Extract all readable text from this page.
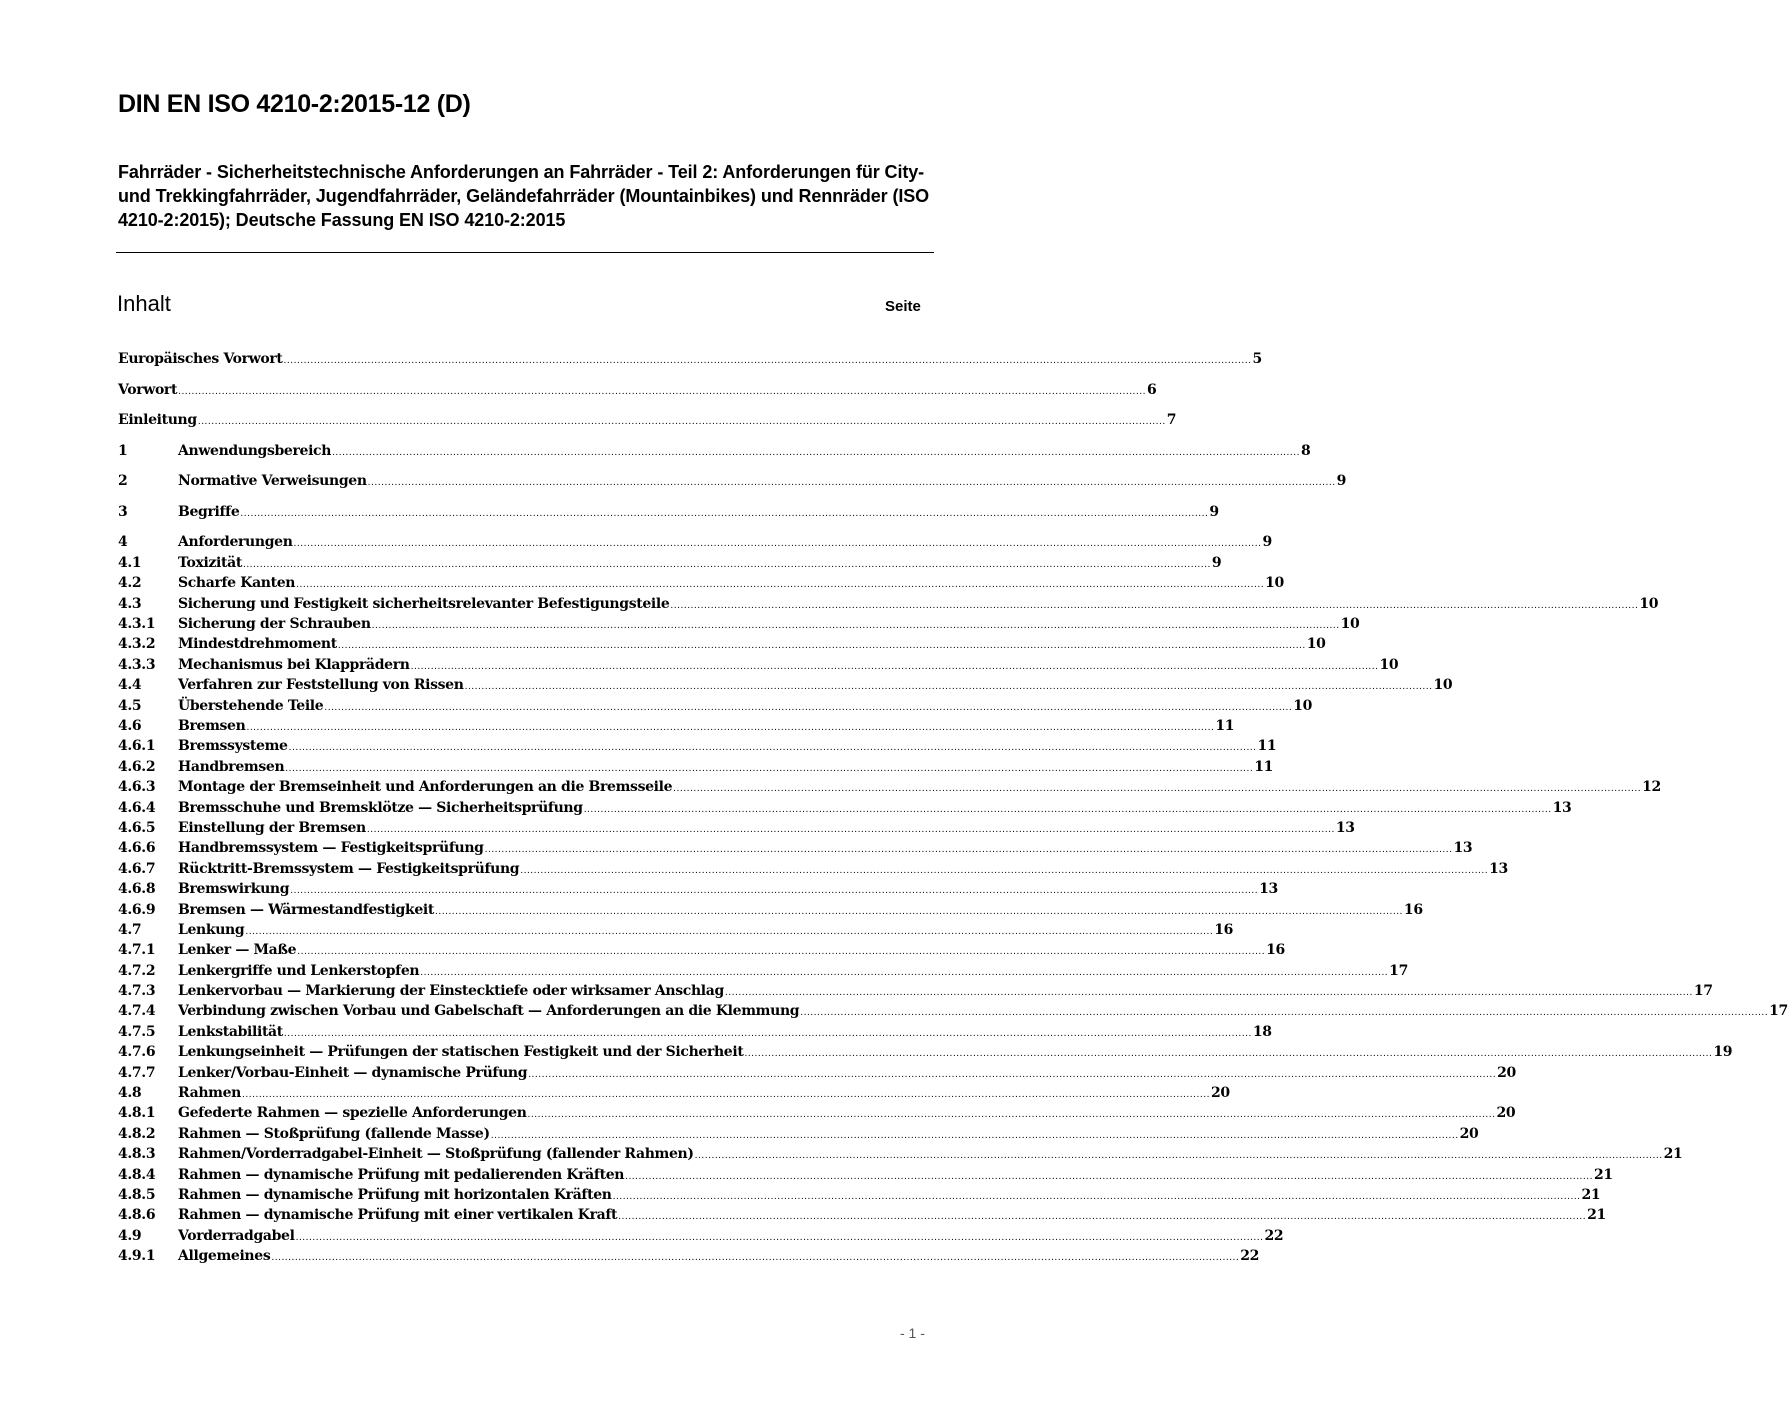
DIN EN ISO 4210-2:2015-12 (D)

Fahrräder - Sicherheitstechnische Anforderungen an Fahrräder - Teil 2: Anforderungen für City- und Trekkingfahrräder, Jugendfahrräder, Geländefahrräder (Mountainbikes) und Rennräder (ISO 4210-2:2015); Deutsche Fassung EN ISO 4210-2:2015

Inhalt	Seite
Europäisches Vorwort .....	5
Vorwort .....	6
Einleitung .....	7
1	Anwendungsbereich .....	8
2	Normative Verweisungen .....	9
3	Begriffe .....	9
4	Anforderungen .....	9
4.1	Toxizität .....	9
4.2	Scharfe Kanten .....	10
4.3	Sicherung und Festigkeit sicherheitsrelevanter Befestigungsteile .....	10
4.3.1	Sicherung der Schrauben .....	10
4.3.2	Mindestdrehmoment .....	10
4.3.3	Mechanismus bei Klapprädern .....	10
4.4	Verfahren zur Feststellung von Rissen .....	10
4.5	Überstehende Teile .....	10
4.6	Bremsen .....	11
4.6.1	Bremssysteme .....	11
4.6.2	Handbremsen .....	11
4.6.3	Montage der Bremseinheit und Anforderungen an die Bremsseile .....	12
4.6.4	Bremsschuhe und Bremsklötze — Sicherheitsprüfung .....	13
4.6.5	Einstellung der Bremsen .....	13
4.6.6	Handbremssystem — Festigkeitsprüfung .....	13
4.6.7	Rücktritt-Bremssystem — Festigkeitsprüfung .....	13
4.6.8	Bremswirkung .....	13
4.6.9	Bremsen — Wärmestandfestigkeit .....	16
4.7	Lenkung .....	16
4.7.1	Lenker — Maße .....	16
4.7.2	Lenkergriffe und Lenkerstopfen .....	17
4.7.3	Lenkervorbau — Markierung der Einstecktiefe oder wirksamer Anschlag .....	17
4.7.4	Verbindung zwischen Vorbau und Gabelschaft — Anforderungen an die Klemmung .....	17
4.7.5	Lenkstabilität .....	18
4.7.6	Lenkungseinheit — Prüfungen der statischen Festigkeit und der Sicherheit .....	19
4.7.7	Lenker/Vorbau-Einheit — dynamische Prüfung .....	20
4.8	Rahmen .....	20
4.8.1	Gefederte Rahmen — spezielle Anforderungen .....	20
4.8.2	Rahmen — Stoßprüfung (fallende Masse) .....	20
4.8.3	Rahmen/Vorderradgabel-Einheit — Stoßprüfung (fallender Rahmen) .....	21
4.8.4	Rahmen — dynamische Prüfung mit pedalierenden Kräften .....	21
4.8.5	Rahmen — dynamische Prüfung mit horizontalen Kräften .....	21
4.8.6	Rahmen — dynamische Prüfung mit einer vertikalen Kraft .....	21
4.9	Vorderradgabel .....	22
4.9.1	Allgemeines .....	22
- 1 -
